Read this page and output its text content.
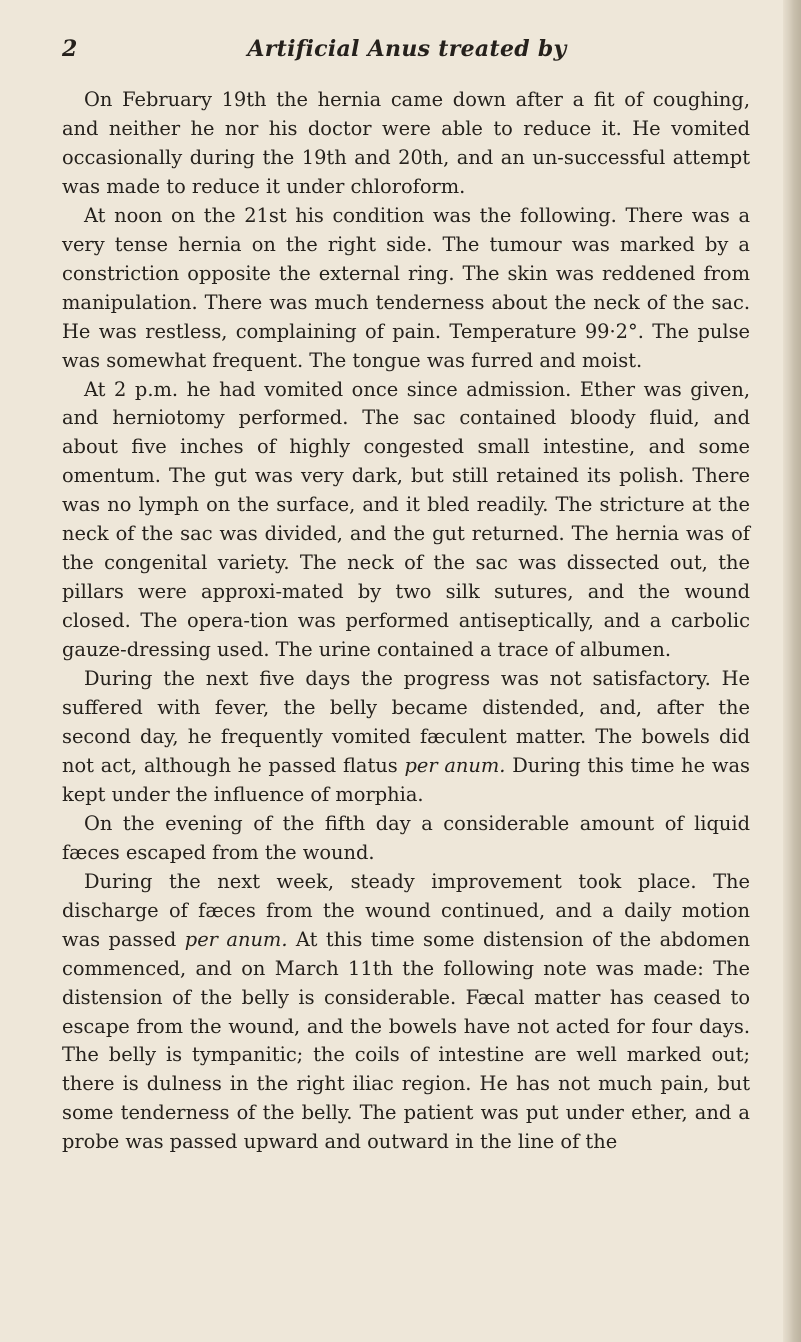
2	Artificial Anus treated by

On February 19th the hernia came down after a fit of coughing, and neither he nor his doctor were able to reduce it. He vomited occasionally during the 19th and 20th, and an un-successful attempt was made to reduce it under chloroform.

At noon on the 21st his condition was the following. There was a very tense hernia on the right side. The tumour was marked by a constriction opposite the external ring. The skin was reddened from manipulation. There was much tenderness about the neck of the sac. He was restless, complaining of pain. Temperature 99·2°. The pulse was somewhat frequent. The tongue was furred and moist.

At 2 p.m. he had vomited once since admission. Ether was given, and herniotomy performed. The sac contained bloody fluid, and about five inches of highly congested small intestine, and some omentum. The gut was very dark, but still retained its polish. There was no lymph on the surface, and it bled readily. The stricture at the neck of the sac was divided, and the gut returned. The hernia was of the congenital variety. The neck of the sac was dissected out, the pillars were approxi-mated by two silk sutures, and the wound closed. The opera-tion was performed antiseptically, and a carbolic gauze-dressing used. The urine contained a trace of albumen.

During the next five days the progress was not satisfactory. He suffered with fever, the belly became distended, and, after the second day, he frequently vomited fæculent matter. The bowels did not act, although he passed flatus per anum. During this time he was kept under the influence of morphia.

On the evening of the fifth day a considerable amount of liquid fæces escaped from the wound.

During the next week, steady improvement took place. The discharge of fæces from the wound continued, and a daily motion was passed per anum. At this time some distension of the abdomen commenced, and on March 11th the following note was made: The distension of the belly is considerable. Fæcal matter has ceased to escape from the wound, and the bowels have not acted for four days. The belly is tympanitic; the coils of intestine are well marked out; there is dulness in the right iliac region. He has not much pain, but some tenderness of the belly. The patient was put under ether, and a probe was passed upward and outward in the line of the
